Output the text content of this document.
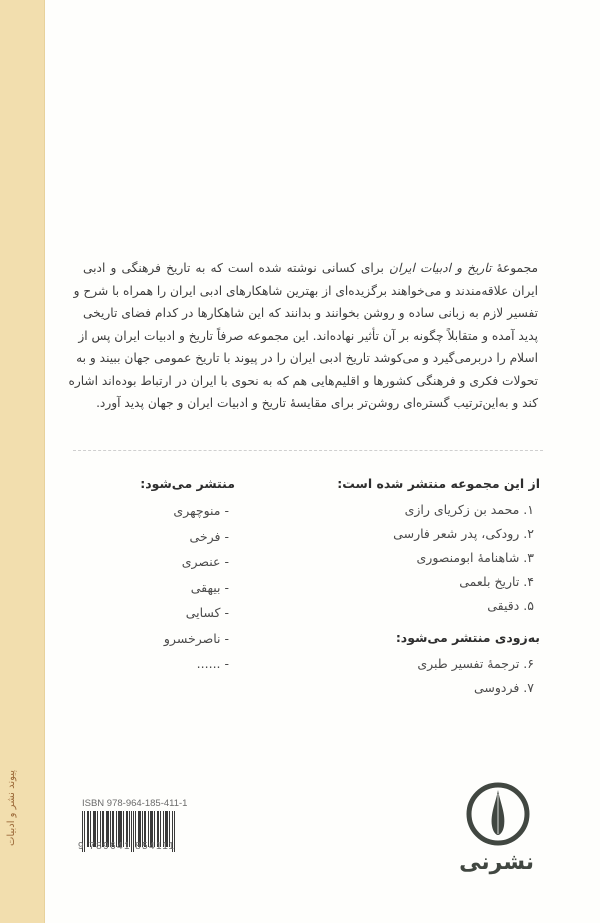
پیوند نشر و ادبیات
مجموعهٔ تاریخ و ادبیات ایران برای کسانی نوشته شده است که به تاریخ فرهنگی و ادبی
ایران علاقه‌مندند و می‌خواهند برگزیده‌ای از بهترین شاهکارهای ادبی ایران را همراه با شرح و
تفسیر لازم به زبانی ساده و روشن بخوانند و بدانند که این شاهکارها در کدام فضای تاریخی
پدید آمده و متقابلاً چگونه بر آن تأثیر نهاده‌اند. این مجموعه صرفاً تاریخ و ادبیات ایران پس از
اسلام را دربرمی‌گیرد و می‌کوشد تاریخ ادبی ایران را در پیوند با تاریخ عمومی جهان ببیند و به
تحولات فکری و فرهنگی کشورها و اقلیم‌هایی هم که به نحوی با ایران در ارتباط بوده‌اند اشاره
کند و به‌این‌ترتیب گستره‌ای روشن‌تر برای مقایسهٔ تاریخ و ادبیات ایران و جهان پدید آورد.
از این مجموعه منتشر شده است:
۱. محمد بن زکریای رازی
۲. رودکی، پدر شعر فارسی
۳. شاهنامهٔ ابومنصوری
۴. تاریخ بلعمی
۵. دقیقی
به‌زودی منتشر می‌شود:
۶. ترجمهٔ تفسیر طبری
۷. فردوسی
منتشر می‌شود:
- منوچهری
- فرخی
- عنصری
- بیهقی
- کسایی
- ناصرخسرو
- ......
ISBN 978-964-185-411-1
9 789641 854111
نشرنی
